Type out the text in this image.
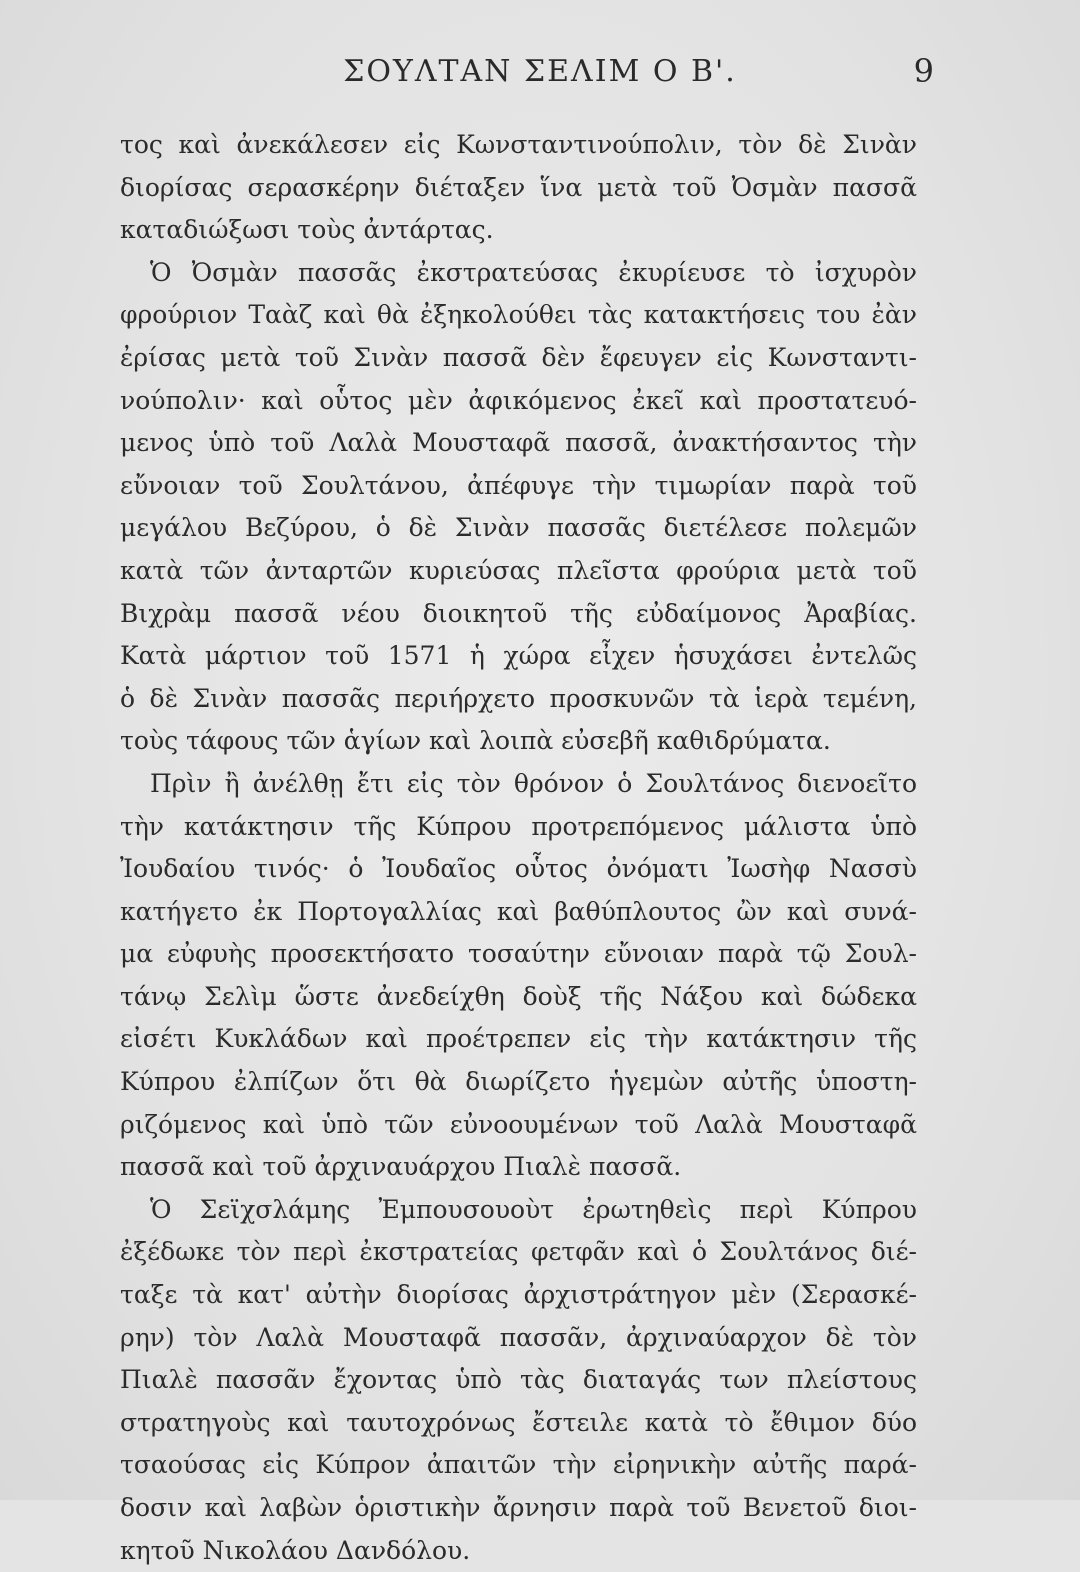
ΣΟΥΛΤΑΝ ΣΕΛΙΜ Ο Β'.	9
τος καὶ ἀνεκάλεσεν εἰς Κωνσταντινούπολιν, τὸν δὲ Σινὰν
διορίσας σερασκέρην διέταξεν ἵνα μετὰ τοῦ Ὀσμὰν πασσᾶ
καταδιώξωσι τοὺς ἀντάρτας.
Ὁ Ὀσμὰν πασσᾶς ἐκστρατεύσας ἐκυρίευσε τὸ ἰσχυρὸν
φρούριον Ταὰζ καὶ θὰ ἐξηκολούθει τὰς κατακτήσεις του ἐὰν
ἐρίσας μετὰ τοῦ Σινὰν πασσᾶ δὲν ἔφευγεν εἰς Κωνσταντι-
νούπολιν· καὶ οὗτος μὲν ἀφικόμενος ἐκεῖ καὶ προστατευό-
μενος ὑπὸ τοῦ Λαλὰ Μουσταφᾶ πασσᾶ, ἀνακτήσαντος τὴν
εὔνοιαν τοῦ Σουλτάνου, ἀπέφυγε τὴν τιμωρίαν παρὰ τοῦ
μεγάλου Βεζύρου, ὁ δὲ Σινὰν πασσᾶς διετέλεσε πολεμῶν
κατὰ τῶν ἀνταρτῶν κυριεύσας πλεῖστα φρούρια μετὰ τοῦ
Βιχρὰμ πασσᾶ νέου διοικητοῦ τῆς εὐδαίμονος Ἀραβίας.
Κατὰ μάρτιον τοῦ 1571 ἡ χώρα εἶχεν ἡσυχάσει ἐντελῶς
ὁ δὲ Σινὰν πασσᾶς περιήρχετο προσκυνῶν τὰ ἱερὰ τεμένη,
τοὺς τάφους τῶν ἁγίων καὶ λοιπὰ εὐσεβῆ καθιδρύματα.
Πρὶν ἢ ἀνέλθῃ ἔτι εἰς τὸν θρόνον ὁ Σουλτάνος διενοεῖτο
τὴν κατάκτησιν τῆς Κύπρου προτρεπόμενος μάλιστα ὑπὸ
Ἰουδαίου τινός· ὁ Ἰουδαῖος οὗτος ὀνόματι Ἰωσὴφ Νασσὺ
κατήγετο ἐκ Πορτογαλλίας καὶ βαθύπλουτος ὢν καὶ συνά-
μα εὐφυὴς προσεκτήσατο τοσαύτην εὔνοιαν παρὰ τῷ Σουλ-
τάνῳ Σελὶμ ὥστε ἀνεδείχθη δοὺξ τῆς Νάξου καὶ δώδεκα
εἰσέτι Κυκλάδων καὶ προέτρεπεν εἰς τὴν κατάκτησιν τῆς
Κύπρου ἐλπίζων ὅτι θὰ διωρίζετο ἡγεμὼν αὐτῆς ὑποστη-
ριζόμενος καὶ ὑπὸ τῶν εὐνοουμένων τοῦ Λαλὰ Μουσταφᾶ
πασσᾶ καὶ τοῦ ἀρχιναυάρχου Πιαλὲ πασσᾶ.
Ὁ Σεϊχσλάμης Ἐμπουσουοὺτ ἐρωτηθεὶς περὶ Κύπρου
ἐξέδωκε τὸν περὶ ἐκστρατείας φετφᾶν καὶ ὁ Σουλτάνος διέ-
ταξε τὰ κατ' αὐτὴν διορίσας ἀρχιστράτηγον μὲν (Σερασκέ-
ρην) τὸν Λαλὰ Μουσταφᾶ πασσᾶν, ἀρχιναύαρχον δὲ τὸν
Πιαλὲ πασσᾶν ἔχοντας ὑπὸ τὰς διαταγάς των πλείστους
στρατηγοὺς καὶ ταυτοχρόνως ἔστειλε κατὰ τὸ ἔθιμον δύο
τσαούσας εἰς Κύπρον ἀπαιτῶν τὴν εἰρηνικὴν αὐτῆς παρά-
δοσιν καὶ λαβὼν ὁριστικὴν ἄρνησιν παρὰ τοῦ Βενετοῦ διοι-
κητοῦ Νικολάου Δανδόλου.
